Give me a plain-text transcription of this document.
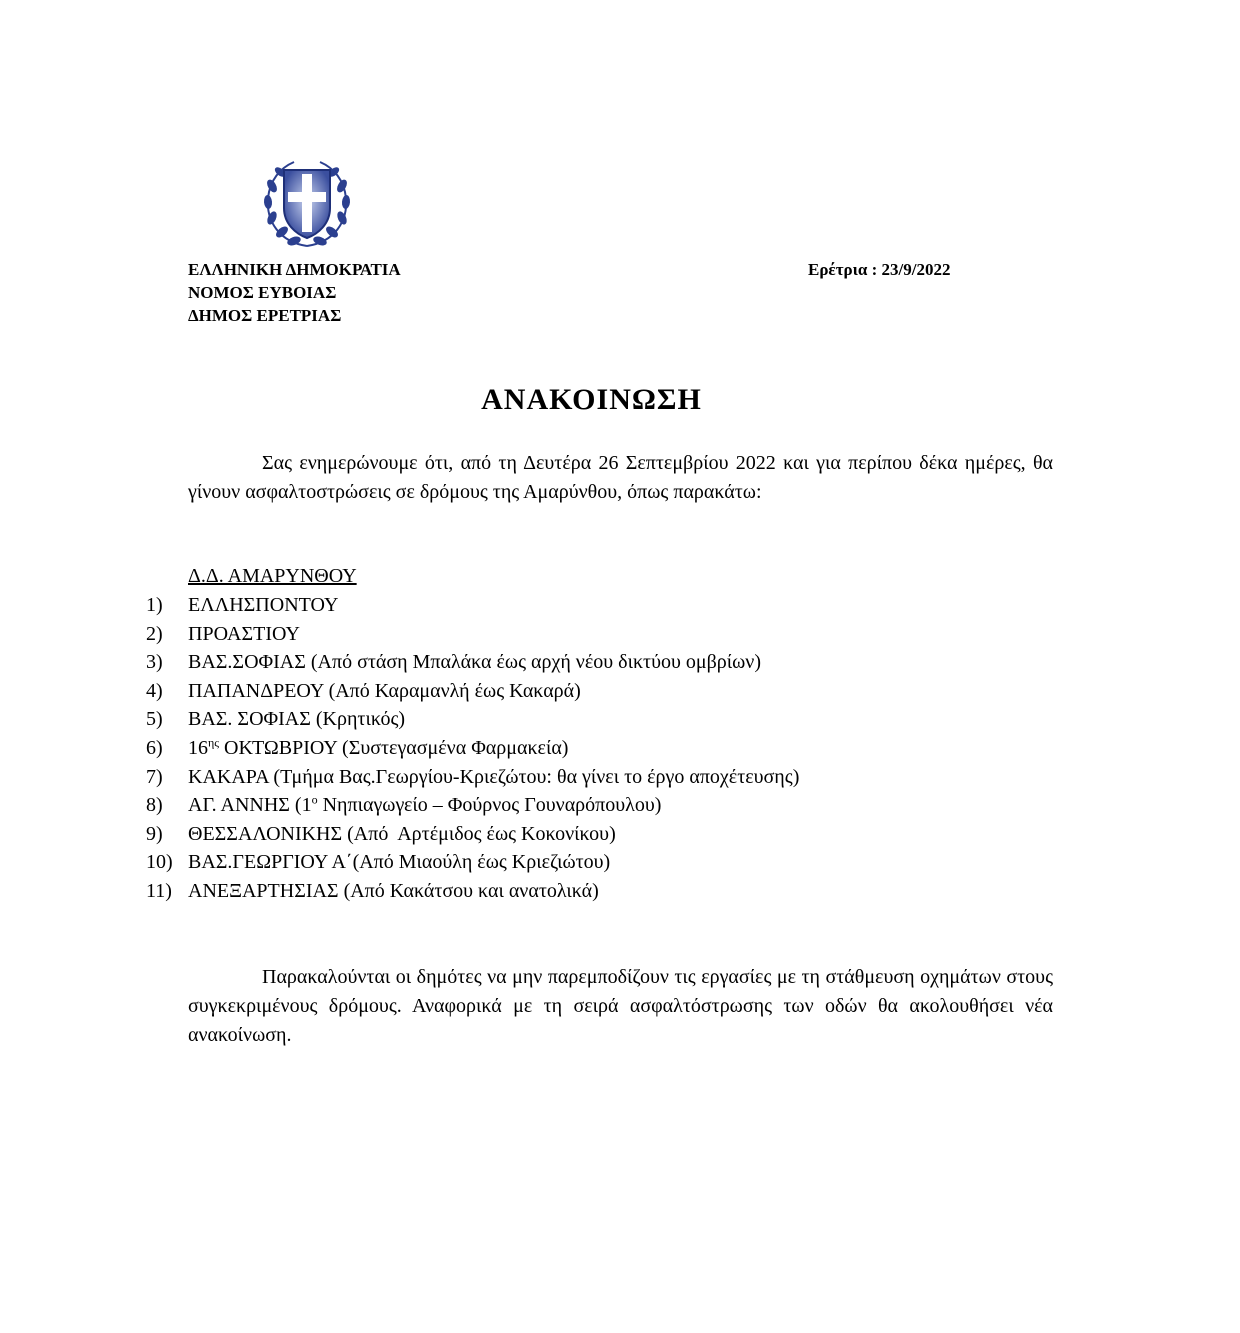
ΕΛΛΗΝΙΚΗ ΔΗΜΟΚΡΑΤΙΑ
ΝΟΜΟΣ ΕΥΒΟΙΑΣ
ΔΗΜΟΣ ΕΡΕΤΡΙΑΣ
Ερέτρια : 23/9/2022
ΑΝΑΚΟΙΝΩΣΗ

Σας ενημερώνουμε ότι, από τη Δευτέρα 26 Σεπτεμβρίου 2022 και για περίπου δέκα ημέρες, θα γίνουν ασφαλτοστρώσεις σε δρόμους της Αμαρύνθου, όπως παρακάτω:

Δ.Δ. ΑΜΑΡΥΝΘΟΥ
1) ΕΛΛΗΣΠΟΝΤΟΥ
2) ΠΡΟΑΣΤΙΟΥ
3) ΒΑΣ.ΣΟΦΙΑΣ (Από στάση Μπαλάκα έως αρχή νέου δικτύου ομβρίων)
4) ΠΑΠΑΝΔΡΕΟΥ (Από Καραμανλή έως Κακαρά)
5) ΒΑΣ. ΣΟΦΙΑΣ (Κρητικός)
6) $16^{\eta\varsigma}$ ΟΚΤΩΒΡΙΟΥ (Συστεγασμένα Φαρμακεία)
7) ΚΑΚΑΡΑ (Τμήμα Βας.Γεωργίου-Κριεζώτου: θα γίνει το έργο αποχέτευσης)
8) ΑΓ. ΑΝΝΗΣ ($1^o$ Νηπιαγωγείο – Φούρνος Γουναρόπουλου)
9) ΘΕΣΣΑΛΟΝΙΚΗΣ (Από  Αρτέμιδος έως Κοκονίκου)
10) ΒΑΣ.ΓΕΩΡΓΙΟΥ Α΄(Από Μιαούλη έως Κριεζιώτου)
11) ΑΝΕΞΑΡΤΗΣΙΑΣ (Από Κακάτσου και ανατολικά)

Παρακαλούνται οι δημότες να μην παρεμποδίζουν τις εργασίες με τη στάθμευση οχημάτων στους συγκεκριμένους δρόμους. Αναφορικά με τη σειρά ασφαλτόστρωσης των οδών θα ακολουθήσει νέα ανακοίνωση.
